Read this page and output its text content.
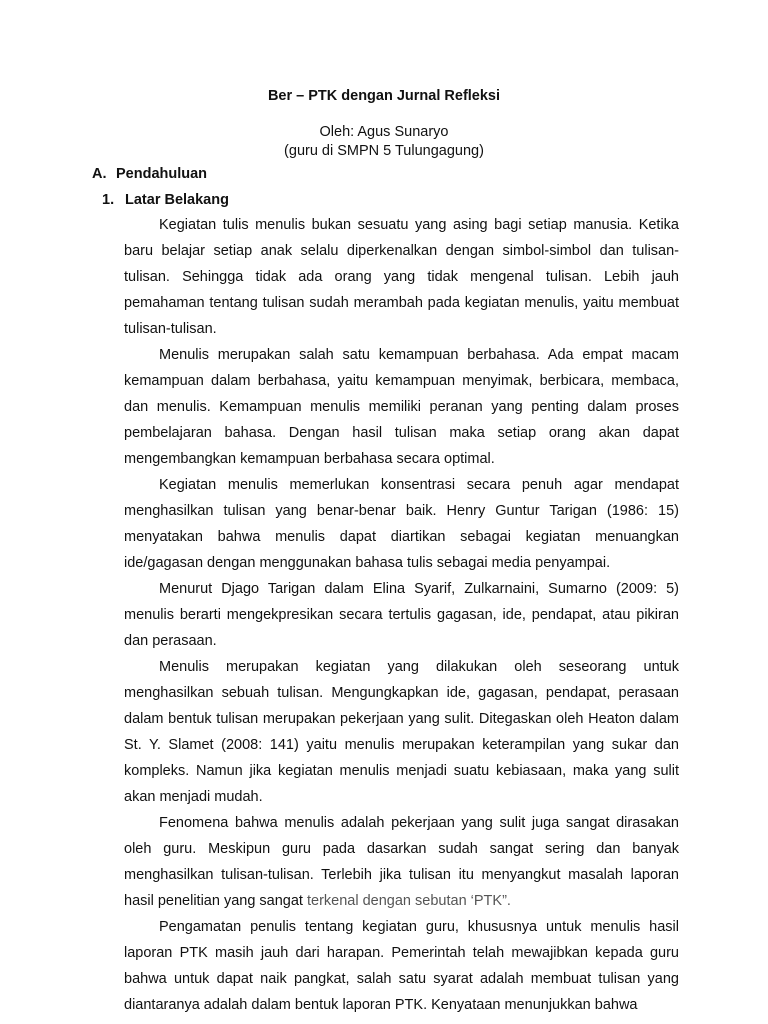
Ber – PTK dengan Jurnal Refleksi
Oleh: Agus Sunaryo
(guru di SMPN 5 Tulungagung)
A. Pendahuluan
1. Latar Belakang

Kegiatan tulis menulis bukan sesuatu yang asing bagi setiap manusia. Ketika baru belajar setiap anak selalu diperkenalkan dengan simbol-simbol dan tulisan-tulisan. Sehingga tidak ada orang yang tidak mengenal tulisan. Lebih jauh pemahaman tentang tulisan sudah merambah pada kegiatan menulis, yaitu membuat tulisan-tulisan.

Menulis merupakan salah satu kemampuan berbahasa. Ada empat macam kemampuan dalam berbahasa, yaitu kemampuan menyimak, berbicara, membaca, dan menulis. Kemampuan menulis memiliki peranan yang penting dalam proses pembelajaran bahasa. Dengan hasil tulisan maka setiap orang akan dapat mengembangkan kemampuan berbahasa secara optimal.

Kegiatan menulis memerlukan konsentrasi secara penuh agar mendapat menghasilkan tulisan yang benar-benar baik. Henry Guntur Tarigan (1986: 15) menyatakan bahwa menulis dapat diartikan sebagai kegiatan menuangkan ide/gagasan dengan menggunakan bahasa tulis sebagai media penyampai.

Menurut Djago Tarigan dalam Elina Syarif, Zulkarnaini, Sumarno (2009: 5) menulis berarti mengekpresikan secara tertulis gagasan, ide, pendapat, atau pikiran dan perasaan.

Menulis merupakan kegiatan yang dilakukan oleh seseorang untuk menghasilkan sebuah tulisan. Mengungkapkan ide, gagasan, pendapat, perasaan dalam bentuk tulisan merupakan pekerjaan yang sulit. Ditegaskan oleh Heaton dalam St. Y. Slamet (2008: 141) yaitu menulis merupakan keterampilan yang sukar dan kompleks. Namun jika kegiatan menulis menjadi suatu kebiasaan, maka yang sulit akan menjadi mudah.

Fenomena bahwa menulis adalah pekerjaan yang sulit juga sangat dirasakan oleh guru. Meskipun guru pada dasarkan sudah sangat sering dan banyak menghasilkan tulisan-tulisan. Terlebih jika tulisan itu menyangkut masalah laporan hasil penelitian yang sangat terkenal dengan sebutan ‘PTK”.

Pengamatan penulis tentang kegiatan guru, khususnya untuk menulis hasil laporan PTK masih jauh dari harapan. Pemerintah telah mewajibkan kepada guru bahwa untuk dapat naik pangkat, salah satu syarat adalah membuat tulisan yang diantaranya adalah dalam bentuk laporan PTK. Kenyataan menunjukkan bahwa
